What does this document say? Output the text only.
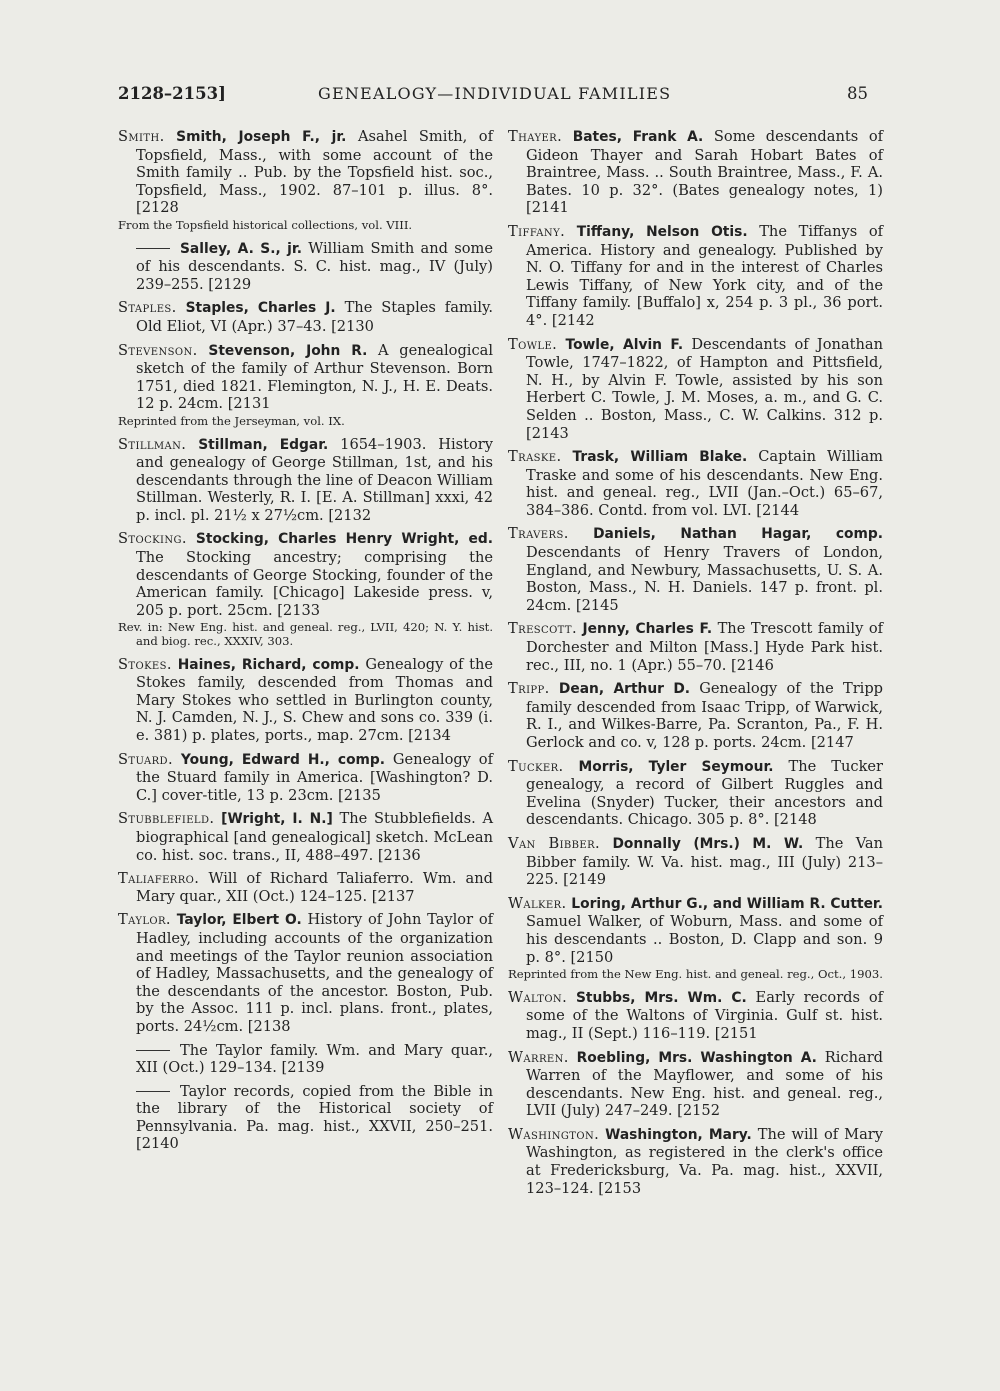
2128–2153]	GENEALOGY—INDIVIDUAL FAMILIES	85
Smith. Smith, Joseph F., jr. Asahel Smith, of Topsfield, Mass., with some account of the Smith family .. Pub. by the Topsfield hist. soc., Topsfield, Mass., 1902. 87–101 p. illus. 8°. [2128
From the Topsfield historical collections, vol. VIII.
Salley, A. S., jr. William Smith and some of his descendants. S. C. hist. mag., IV (July) 239–255. [2129
Staples. Staples, Charles J. The Staples family. Old Eliot, VI (Apr.) 37–43. [2130
Stevenson. Stevenson, John R. A genealogical sketch of the family of Arthur Stevenson. Born 1751, died 1821. Flemington, N. J., H. E. Deats. 12 p. 24cm. [2131
Reprinted from the Jerseyman, vol. IX.
Stillman. Stillman, Edgar. 1654–1903. History and genealogy of George Stillman, 1st, and his descendants through the line of Deacon William Stillman. Westerly, R. I. [E. A. Stillman] xxxi, 42 p. incl. pl. 21½ x 27½cm. [2132
Stocking. Stocking, Charles Henry Wright, ed. The Stocking ancestry; comprising the descendants of George Stocking, founder of the American family. [Chicago] Lakeside press. v, 205 p. port. 25cm. [2133
Rev. in: New Eng. hist. and geneal. reg., LVII, 420; N. Y. hist. and biog. rec., XXXIV, 303.
Stokes. Haines, Richard, comp. Genealogy of the Stokes family, descended from Thomas and Mary Stokes who settled in Burlington county, N. J. Camden, N. J., S. Chew and sons co. 339 (i. e. 381) p. plates, ports., map. 27cm. [2134
Stuard. Young, Edward H., comp. Genealogy of the Stuard family in America. [Washington? D. C.] cover-title, 13 p. 23cm. [2135
Stubblefield. [Wright, I. N.] The Stubblefields. A biographical [and genealogical] sketch. McLean co. hist. soc. trans., II, 488–497. [2136
Taliaferro. Will of Richard Taliaferro. Wm. and Mary quar., XII (Oct.) 124–125. [2137
Taylor. Taylor, Elbert O. History of John Taylor of Hadley, including accounts of the organization and meetings of the Taylor reunion association of Hadley, Massachusetts, and the genealogy of the descendants of the ancestor. Boston, Pub. by the Assoc. 111 p. incl. plans. front., plates, ports. 24½cm. [2138
The Taylor family. Wm. and Mary quar., XII (Oct.) 129–134. [2139
Taylor records, copied from the Bible in the library of the Historical society of Pennsylvania. Pa. mag. hist., XXVII, 250–251. [2140
Thayer. Bates, Frank A. Some descendants of Gideon Thayer and Sarah Hobart Bates of Braintree, Mass. .. South Braintree, Mass., F. A. Bates. 10 p. 32°. (Bates genealogy notes, 1) [2141
Tiffany. Tiffany, Nelson Otis. The Tiffanys of America. History and genealogy. Published by N. O. Tiffany for and in the interest of Charles Lewis Tiffany, of New York city, and of the Tiffany family. [Buffalo] x, 254 p. 3 pl., 36 port. 4°. [2142
Towle. Towle, Alvin F. Descendants of Jonathan Towle, 1747–1822, of Hampton and Pittsfield, N. H., by Alvin F. Towle, assisted by his son Herbert C. Towle, J. M. Moses, a. m., and G. C. Selden .. Boston, Mass., C. W. Calkins. 312 p. [2143
Traske. Trask, William Blake. Captain William Traske and some of his descendants. New Eng. hist. and geneal. reg., LVII (Jan.–Oct.) 65–67, 384–386. Contd. from vol. LVI. [2144
Travers. Daniels, Nathan Hagar, comp. Descendants of Henry Travers of London, England, and Newbury, Massachusetts, U. S. A. Boston, Mass., N. H. Daniels. 147 p. front. pl. 24cm. [2145
Trescott. Jenny, Charles F. The Trescott family of Dorchester and Milton [Mass.] Hyde Park hist. rec., III, no. 1 (Apr.) 55–70. [2146
Tripp. Dean, Arthur D. Genealogy of the Tripp family descended from Isaac Tripp, of Warwick, R. I., and Wilkes-Barre, Pa. Scranton, Pa., F. H. Gerlock and co. v, 128 p. ports. 24cm. [2147
Tucker. Morris, Tyler Seymour. The Tucker genealogy, a record of Gilbert Ruggles and Evelina (Snyder) Tucker, their ancestors and descendants. Chicago. 305 p. 8°. [2148
Van Bibber. Donnally (Mrs.) M. W. The Van Bibber family. W. Va. hist. mag., III (July) 213–225. [2149
Walker. Loring, Arthur G., and William R. Cutter. Samuel Walker, of Woburn, Mass. and some of his descendants .. Boston, D. Clapp and son. 9 p. 8°. [2150
Reprinted from the New Eng. hist. and geneal. reg., Oct., 1903.
Walton. Stubbs, Mrs. Wm. C. Early records of some of the Waltons of Virginia. Gulf st. hist. mag., II (Sept.) 116–119. [2151
Warren. Roebling, Mrs. Washington A. Richard Warren of the Mayflower, and some of his descendants. New Eng. hist. and geneal. reg., LVII (July) 247–249. [2152
Washington. Washington, Mary. The will of Mary Washington, as registered in the clerk's office at Fredericksburg, Va. Pa. mag. hist., XXVII, 123–124. [2153
